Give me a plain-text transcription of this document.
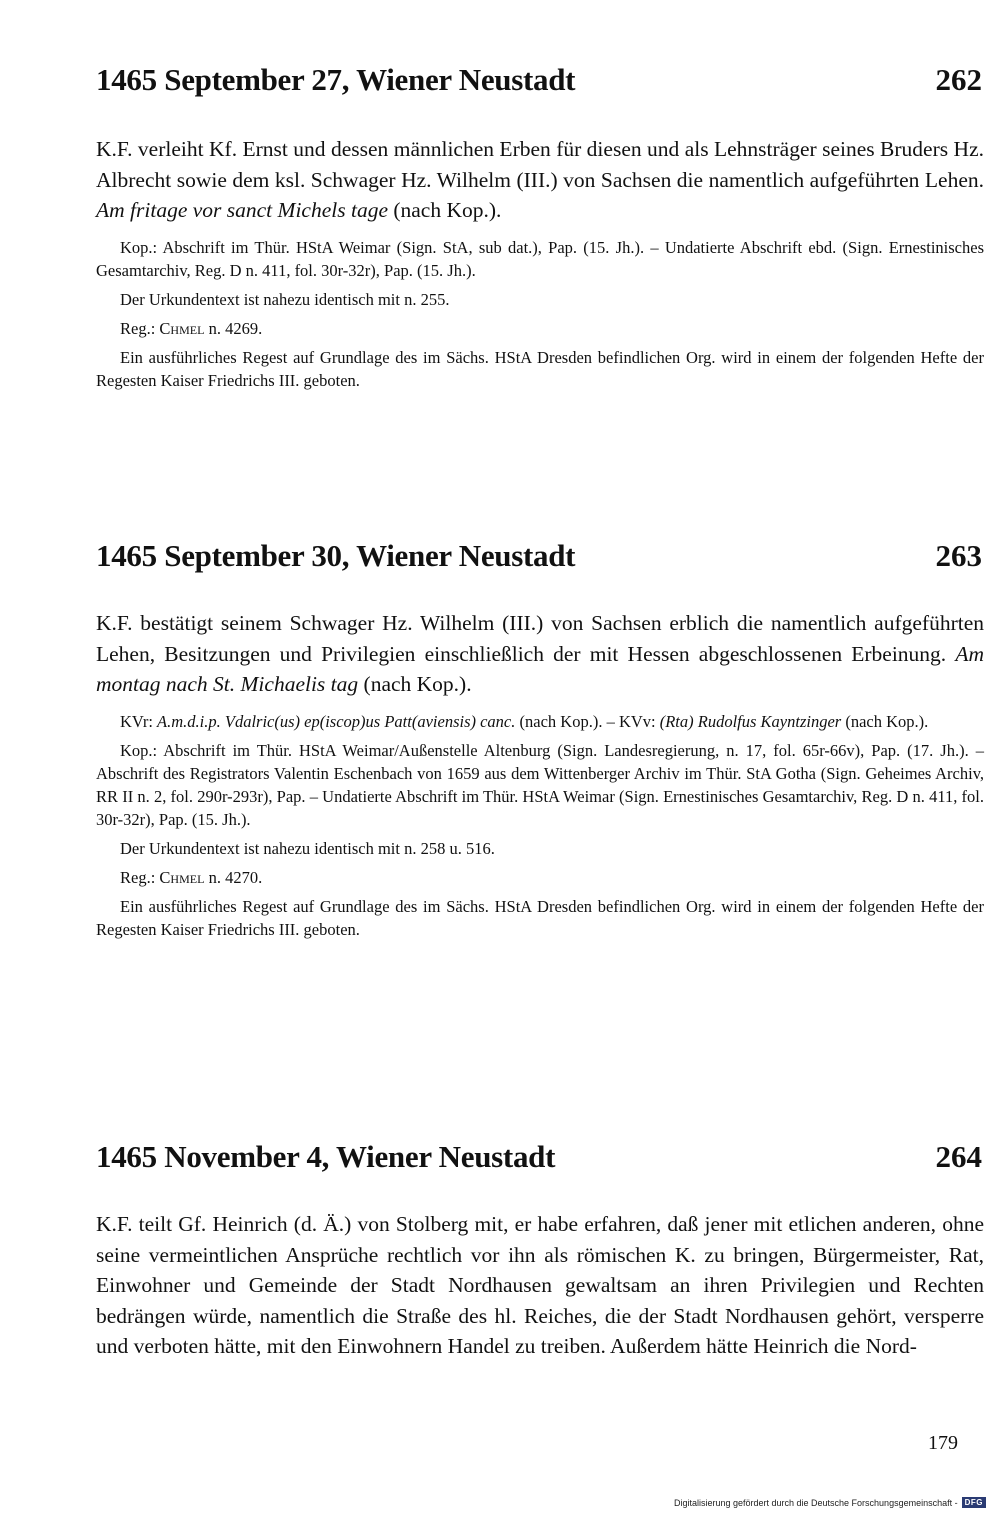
1465 September 27, Wiener Neustadt	262

K.F. verleiht Kf. Ernst und dessen männlichen Erben für diesen und als Lehnsträger seines Bruders Hz. Albrecht sowie dem ksl. Schwager Hz. Wilhelm (III.) von Sachsen die namentlich aufgeführten Lehen. Am fritage vor sanct Michels tage (nach Kop.).

Kop.: Abschrift im Thür. HStA Weimar (Sign. StA, sub dat.), Pap. (15. Jh.). – Undatierte Abschrift ebd. (Sign. Ernestinisches Gesamtarchiv, Reg. D n. 411, fol. 30r-32r), Pap. (15. Jh.).

Der Urkundentext ist nahezu identisch mit n. 255.

Reg.: Chmel n. 4269.

Ein ausführliches Regest auf Grundlage des im Sächs. HStA Dresden befindlichen Org. wird in einem der folgenden Hefte der Regesten Kaiser Friedrichs III. geboten.

1465 September 30, Wiener Neustadt	263

K.F. bestätigt seinem Schwager Hz. Wilhelm (III.) von Sachsen erblich die namentlich aufgeführten Lehen, Besitzungen und Privilegien einschließlich der mit Hessen abgeschlossenen Erbeinung. Am montag nach St. Michaelis tag (nach Kop.).

KVr: A.m.d.i.p. Vdalric(us) ep(iscop)us Patt(aviensis) canc. (nach Kop.). – KVv: (Rta) Rudolfus Kayntzinger (nach Kop.).

Kop.: Abschrift im Thür. HStA Weimar/Außenstelle Altenburg (Sign. Landesregierung, n. 17, fol. 65r-66v), Pap. (17. Jh.). – Abschrift des Registrators Valentin Eschenbach von 1659 aus dem Wittenberger Archiv im Thür. StA Gotha (Sign. Geheimes Archiv, RR II n. 2, fol. 290r-293r), Pap. – Undatierte Abschrift im Thür. HStA Weimar (Sign. Ernestinisches Gesamtarchiv, Reg. D n. 411, fol. 30r-32r), Pap. (15. Jh.).

Der Urkundentext ist nahezu identisch mit n. 258 u. 516.

Reg.: Chmel n. 4270.

Ein ausführliches Regest auf Grundlage des im Sächs. HStA Dresden befindlichen Org. wird in einem der folgenden Hefte der Regesten Kaiser Friedrichs III. geboten.

1465 November 4, Wiener Neustadt	264

K.F. teilt Gf. Heinrich (d. Ä.) von Stolberg mit, er habe erfahren, daß jener mit etlichen anderen, ohne seine vermeintlichen Ansprüche rechtlich vor ihn als römischen K. zu bringen, Bürgermeister, Rat, Einwohner und Gemeinde der Stadt Nordhausen gewaltsam an ihren Privilegien und Rechten bedrängen würde, namentlich die Straße des hl. Reiches, die der Stadt Nordhausen gehört, versperre und verboten hätte, mit den Einwohnern Handel zu treiben. Außerdem hätte Heinrich die Nord-

179
Digitalisierung gefördert durch die Deutsche Forschungsgemeinschaft - DFG
